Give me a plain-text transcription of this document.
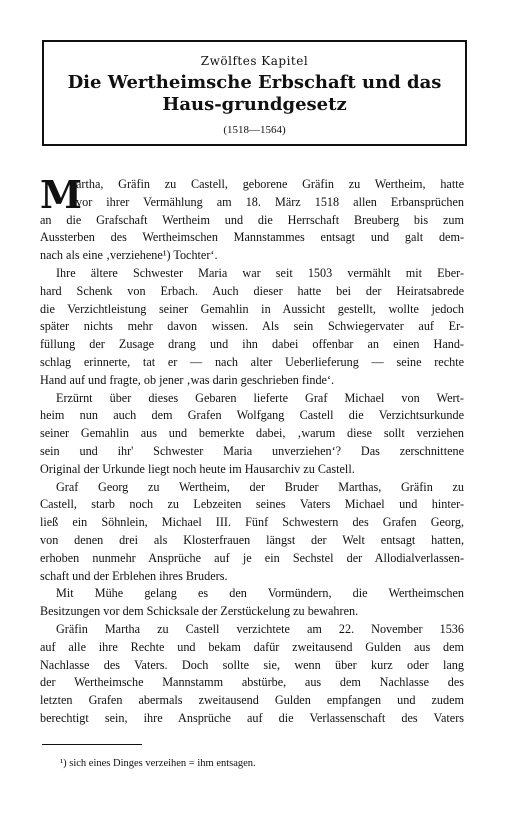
Zwölftes Kapitel
Die Wertheimsche Erbschaft und das Haus-grundgesetz
(1518—1564)
M
artha, Gräfin zu Castell, geborene Gräfin zu Wertheim, hatte
vor ihrer Vermählung am 18. März 1518 allen Erbansprüchen
an die Grafschaft Wertheim und die Herrschaft Breuberg bis zum
Aussterben des Wertheimschen Mannstammes entsagt und galt dem-
nach als eine ‚verziehene¹) Tochter‘.
Ihre ältere Schwester Maria war seit 1503 vermählt mit Eber-
hard Schenk von Erbach. Auch dieser hatte bei der Heiratsabrede
die Verzichtleistung seiner Gemahlin in Aussicht gestellt, wollte jedoch
später nichts mehr davon wissen. Als sein Schwiegervater auf Er-
füllung der Zusage drang und ihn dabei offenbar an einen Hand-
schlag erinnerte, tat er — nach alter Ueberlieferung — seine rechte
Hand auf und fragte, ob jener ‚was darin geschrieben finde‘.
Erzürnt über dieses Gebaren lieferte Graf Michael von Wert-
heim nun auch dem Grafen Wolfgang Castell die Verzichtsurkunde
seiner Gemahlin aus und bemerkte dabei, ‚warum diese sollt verziehen
sein und ihr' Schwester Maria unverziehen‘? Das zerschnittene
Original der Urkunde liegt noch heute im Hausarchiv zu Castell.
Graf Georg zu Wertheim, der Bruder Marthas, Gräfin zu
Castell, starb noch zu Lebzeiten seines Vaters Michael und hinter-
ließ ein Söhnlein, Michael III. Fünf Schwestern des Grafen Georg,
von denen drei als Klosterfrauen längst der Welt entsagt hatten,
erhoben nunmehr Ansprüche auf je ein Sechstel der Allodialverlassen-
schaft und der Erblehen ihres Bruders.
Mit Mühe gelang es den Vormündern, die Wertheimschen
Besitzungen vor dem Schicksale der Zerstückelung zu bewahren.
Gräfin Martha zu Castell verzichtete am 22. November 1536
auf alle ihre Rechte und bekam dafür zweitausend Gulden aus dem
Nachlasse des Vaters. Doch sollte sie, wenn über kurz oder lang
der Wertheimsche Mannstamm abstürbe, aus dem Nachlasse des
letzten Grafen abermals zweitausend Gulden empfangen und zudem
berechtigt sein, ihre Ansprüche auf die Verlassenschaft des Vaters
¹) sich eines Dinges verzeihen = ihm entsagen.
